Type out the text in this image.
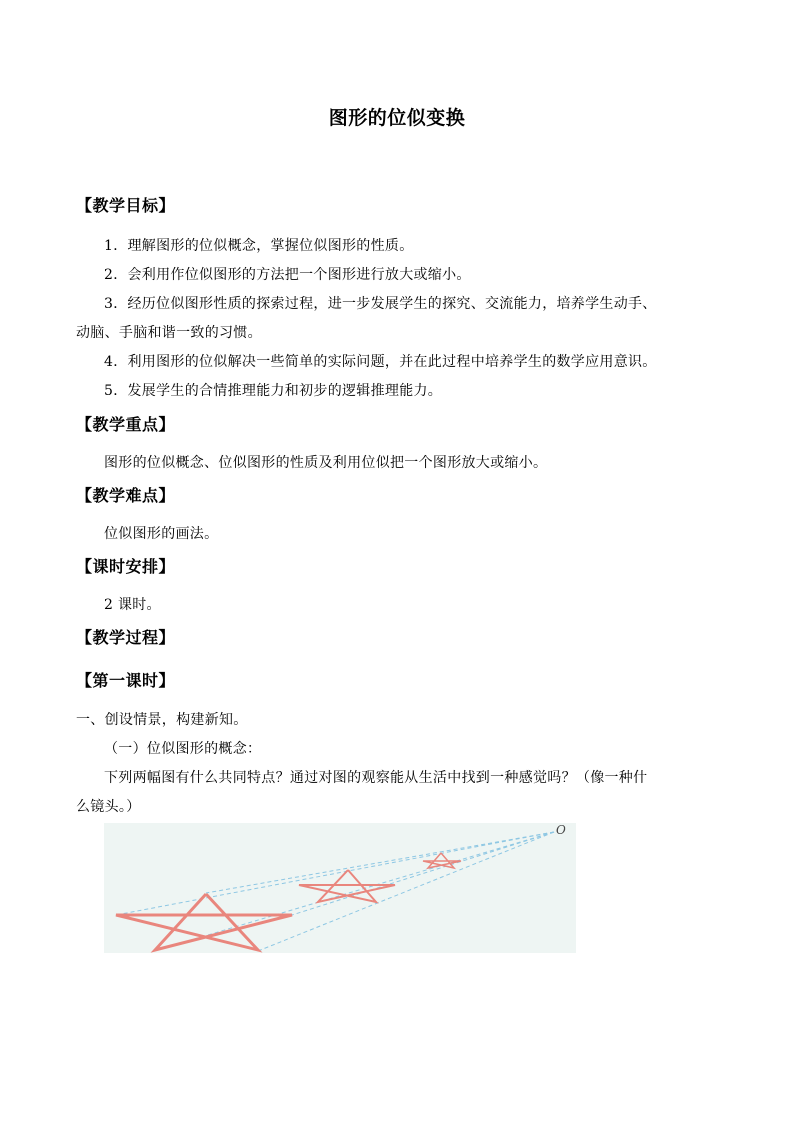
图形的位似变换
【教学目标】
1．理解图形的位似概念，掌握位似图形的性质。
2．会利用作位似图形的方法把一个图形进行放大或缩小。
3．经历位似图形性质的探索过程，进一步发展学生的探究、交流能力，培养学生动手、
动脑、手脑和谐一致的习惯。
4．利用图形的位似解决一些简单的实际问题，并在此过程中培养学生的数学应用意识。
5．发展学生的合情推理能力和初步的逻辑推理能力。
【教学重点】
图形的位似概念、位似图形的性质及利用位似把一个图形放大或缩小。
【教学难点】
位似图形的画法。
【课时安排】
2 课时。
【教学过程】
【第一课时】
一、创设情景，构建新知。
（一）位似图形的概念：
下列两幅图有什么共同特点？通过对图的观察能从生活中找到一种感觉吗？（像一种什
么镜头。）
O
